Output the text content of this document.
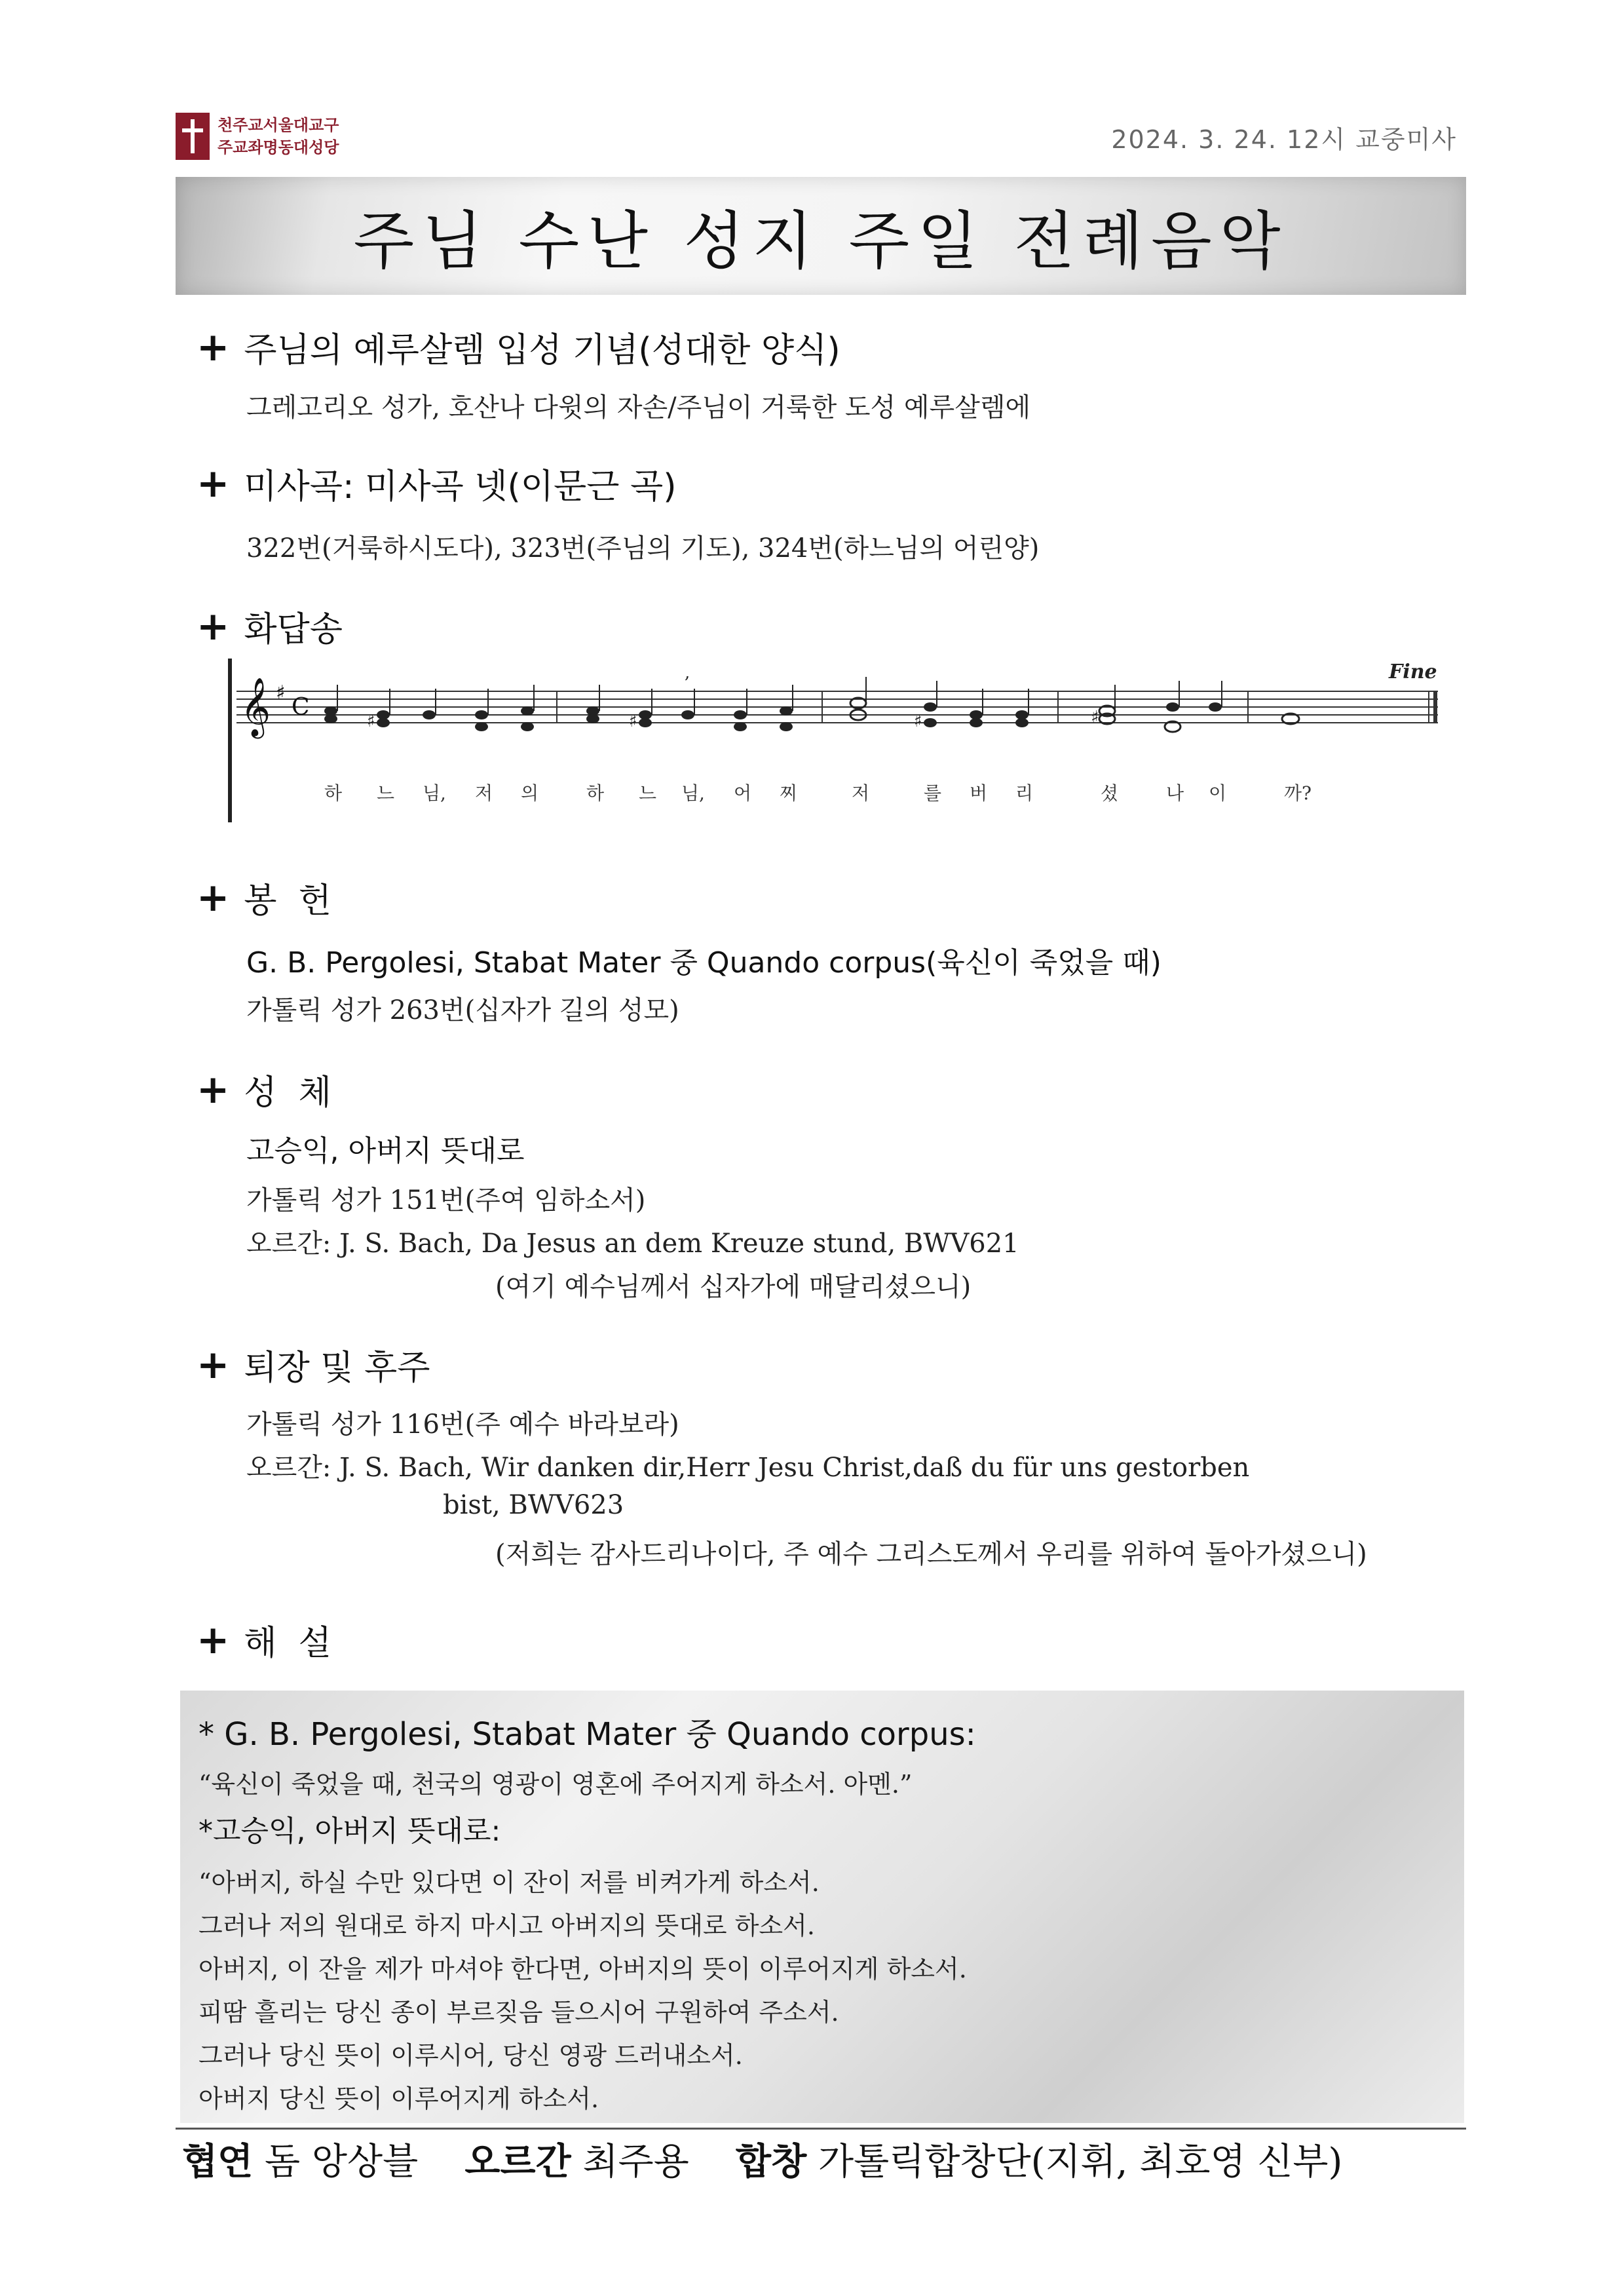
천주교서울대교구
주교좌명동대성당	2024. 3. 24. 12시 교중미사
주님 수난 성지 주일 전례음악
+ 주님의 예루살렘 입성 기념(성대한 양식)
그레고리오 성가, 호산나 다윗의 자손/주님이 거룩한 도성 예루살렘에
+ 미사곡: 미사곡 넷(이문근 곡)
322번(거룩하시도다), 323번(주님의 기도), 324번(하느님의 어린양)
+ 화답송
𝄞 ♯
C
♯	♯	♯	♯
,	Fine
하 느 님, 저 의	하 느 님, 어 찌	저	를 버 리	셨	나 이	까?
+ 봉  헌
G. B. Pergolesi, Stabat Mater 중 Quando corpus(육신이 죽었을 때)
가톨릭 성가 263번(십자가 길의 성모)
+ 성  체
고승익, 아버지 뜻대로
가톨릭 성가 151번(주여 임하소서)
오르간: J. S. Bach, Da Jesus an dem Kreuze stund, BWV621
(여기 예수님께서 십자가에 매달리셨으니)
+ 퇴장 및 후주
가톨릭 성가 116번(주 예수 바라보라)
오르간: J. S. Bach, Wir danken dir,Herr Jesu Christ,daß du für uns gestorben
bist, BWV623
(저희는 감사드리나이다, 주 예수 그리스도께서 우리를 위하여 돌아가셨으니)
+ 해  설
* G. B. Pergolesi, Stabat Mater 중 Quando corpus:
“육신이 죽었을 때, 천국의 영광이 영혼에 주어지게 하소서. 아멘.”
*고승익, 아버지 뜻대로:
“아버지, 하실 수만 있다면 이 잔이 저를 비켜가게 하소서.
그러나 저의 원대로 하지 마시고 아버지의 뜻대로 하소서.
아버지, 이 잔을 제가 마셔야 한다면, 아버지의 뜻이 이루어지게 하소서.
피땀 흘리는 당신 종이 부르짖음 들으시어 구원하여 주소서.
그러나 당신 뜻이 이루시어, 당신 영광 드러내소서.
아버지 당신 뜻이 이루어지게 하소서.
협연 돔 앙상블 오르간 최주용 합창 가톨릭합창단(지휘, 최호영 신부)
